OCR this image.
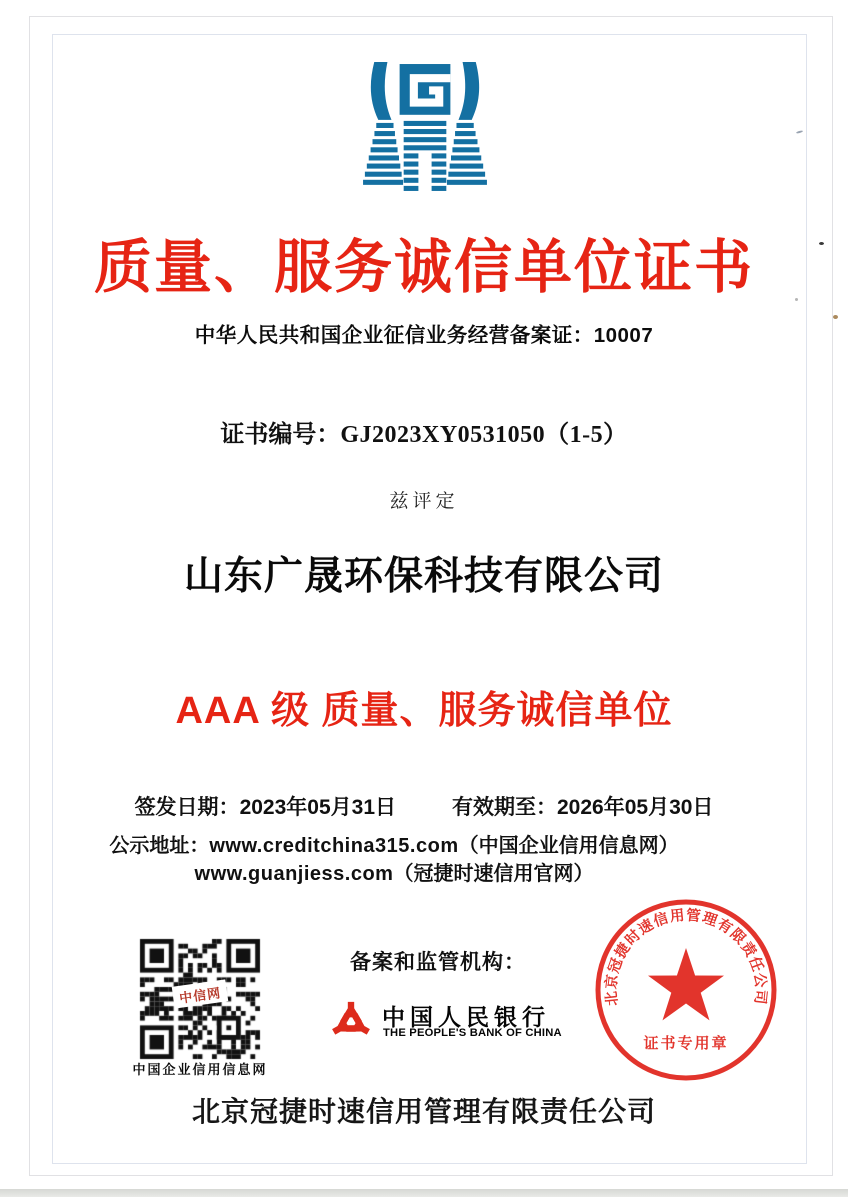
质量、服务诚信单位证书
中华人民共和国企业征信业务经营备案证：10007
证书编号：GJ2023XY0531050（1-5）
兹评定
山东广晟环保科技有限公司
AAA 级 质量、服务诚信单位
签发日期：2023年05月31日	有效期至：2026年05月30日
公示地址：www.creditchina315.com（中国企业信用信息网）
www.guanjiess.com（冠捷时速信用官网）
中信网
中国企业信用信息网
备案和监管机构：
中国人民银行
THE PEOPLE'S BANK OF CHINA
北京冠捷时速信用管理有限责任公司
证书专用章
北京冠捷时速信用管理有限责任公司
